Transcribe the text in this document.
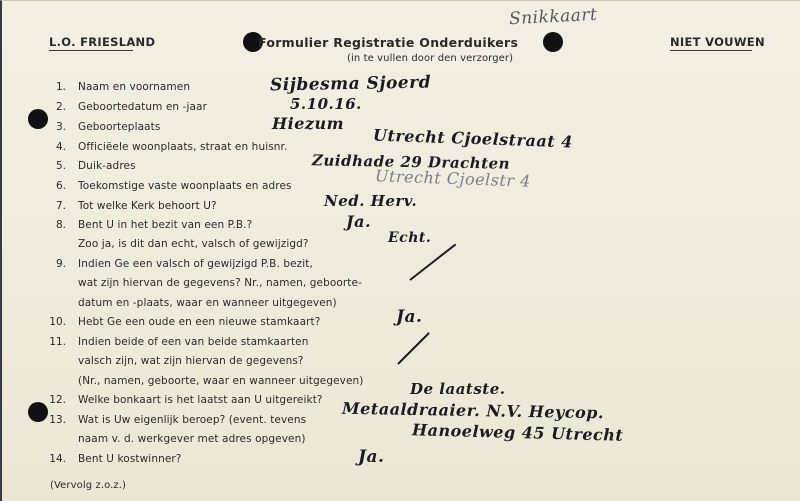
L.O. FRIESLAND	Formulier Registratie Onderduikers
(in te vullen door den verzorger)
NIET VOUWEN
Snikkaart
1.
2.
3.
4.
5.
6.
7.
8.
9.
10.
11.
12.
13.
14.
Naam en voornamen
Geboortedatum en -jaar
Geboorteplaats
Officiëele woonplaats, straat en huisnr.
Duik-adres
Toekomstige vaste woonplaats en adres
Tot welke Kerk behoort U?
Bent U in het bezit van een P.B.?
Zoo ja, is dit dan echt, valsch of gewijzigd?
Indien Ge een valsch of gewijzigd P.B. bezit,
wat zijn hiervan de gegevens? Nr., namen, geboorte-
datum en -plaats, waar en wanneer uitgegeven)
Hebt Ge een oude en een nieuwe stamkaart?
Indien beide of een van beide stamkaarten
valsch zijn, wat zijn hiervan de gegevens?
(Nr., namen, geboorte, waar en wanneer uitgegeven)
Welke bonkaart is het laatst aan U uitgereikt?
Wat is Uw eigenlijk beroep? (event. tevens
naam v. d. werkgever met adres opgeven)
Bent U kostwinner?
Sijbesma Sjoerd
5.10.16.
Hiezum
Utrecht Cjoelstraat 4
Zuidhade 29 Drachten
Utrecht Cjoelstr 4
Ned. Herv.
Ja.
Echt.
Ja.
De laatste.
Metaaldraaier. N.V. Heycop.
Hanoelweg 45 Utrecht
Ja.
(Vervolg z.o.z.)
